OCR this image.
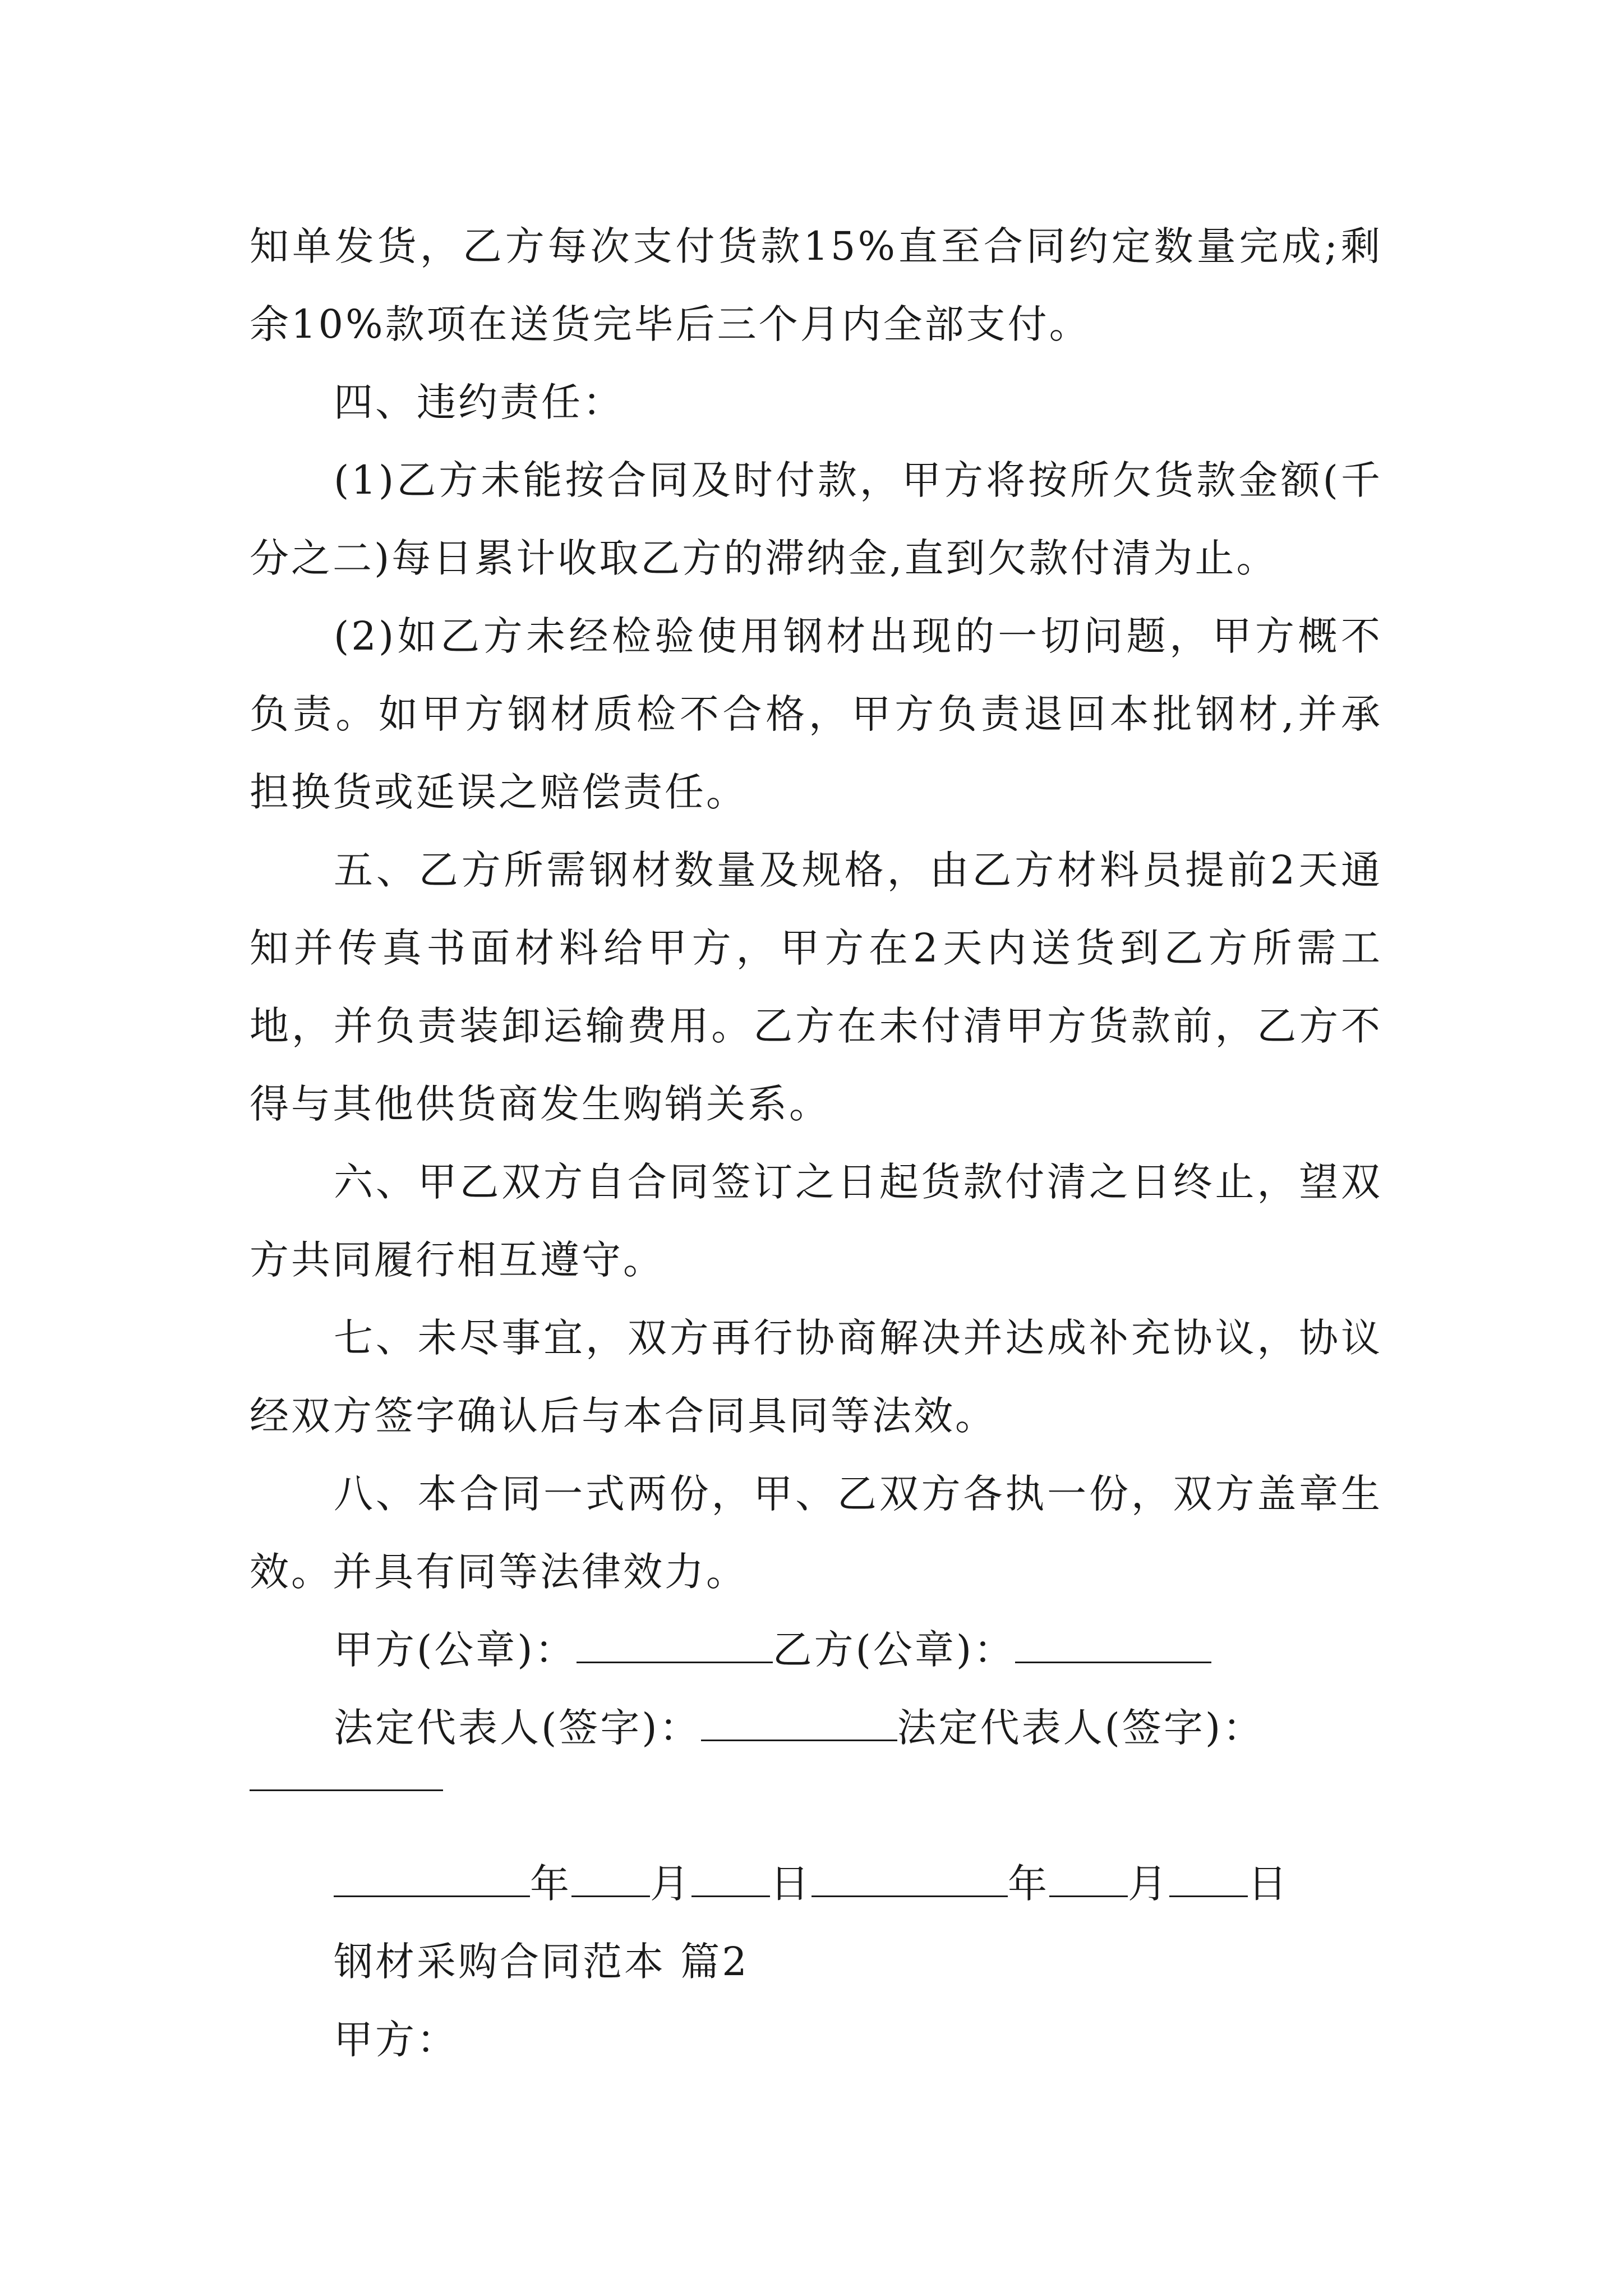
知单发货，乙方每次支付货款15%直至合同约定数量完成;剩余10%款项在送货完毕后三个月内全部支付。

四、违约责任：

(1)乙方未能按合同及时付款，甲方将按所欠货款金额(千分之二)每日累计收取乙方的滞纳金,直到欠款付清为止。

(2)如乙方未经检验使用钢材出现的一切问题，甲方概不负责。如甲方钢材质检不合格，甲方负责退回本批钢材,并承担换货或延误之赔偿责任。

五、乙方所需钢材数量及规格，由乙方材料员提前2天通知并传真书面材料给甲方，甲方在2天内送货到乙方所需工地，并负责装卸运输费用。乙方在未付清甲方货款前，乙方不得与其他供货商发生购销关系。

六、甲乙双方自合同签订之日起货款付清之日终止，望双方共同履行相互遵守。

七、未尽事宜，双方再行协商解决并达成补充协议，协议经双方签字确认后与本合同具同等法效。

八、本合同一式两份，甲、乙双方各执一份，双方盖章生效。并具有同等法律效力。

甲方(公章)：	乙方(公章)：

法定代表人(签字)：	法定代表人(签字)：

年 月 日	年 月 日

钢材采购合同范本 篇2

甲方：
